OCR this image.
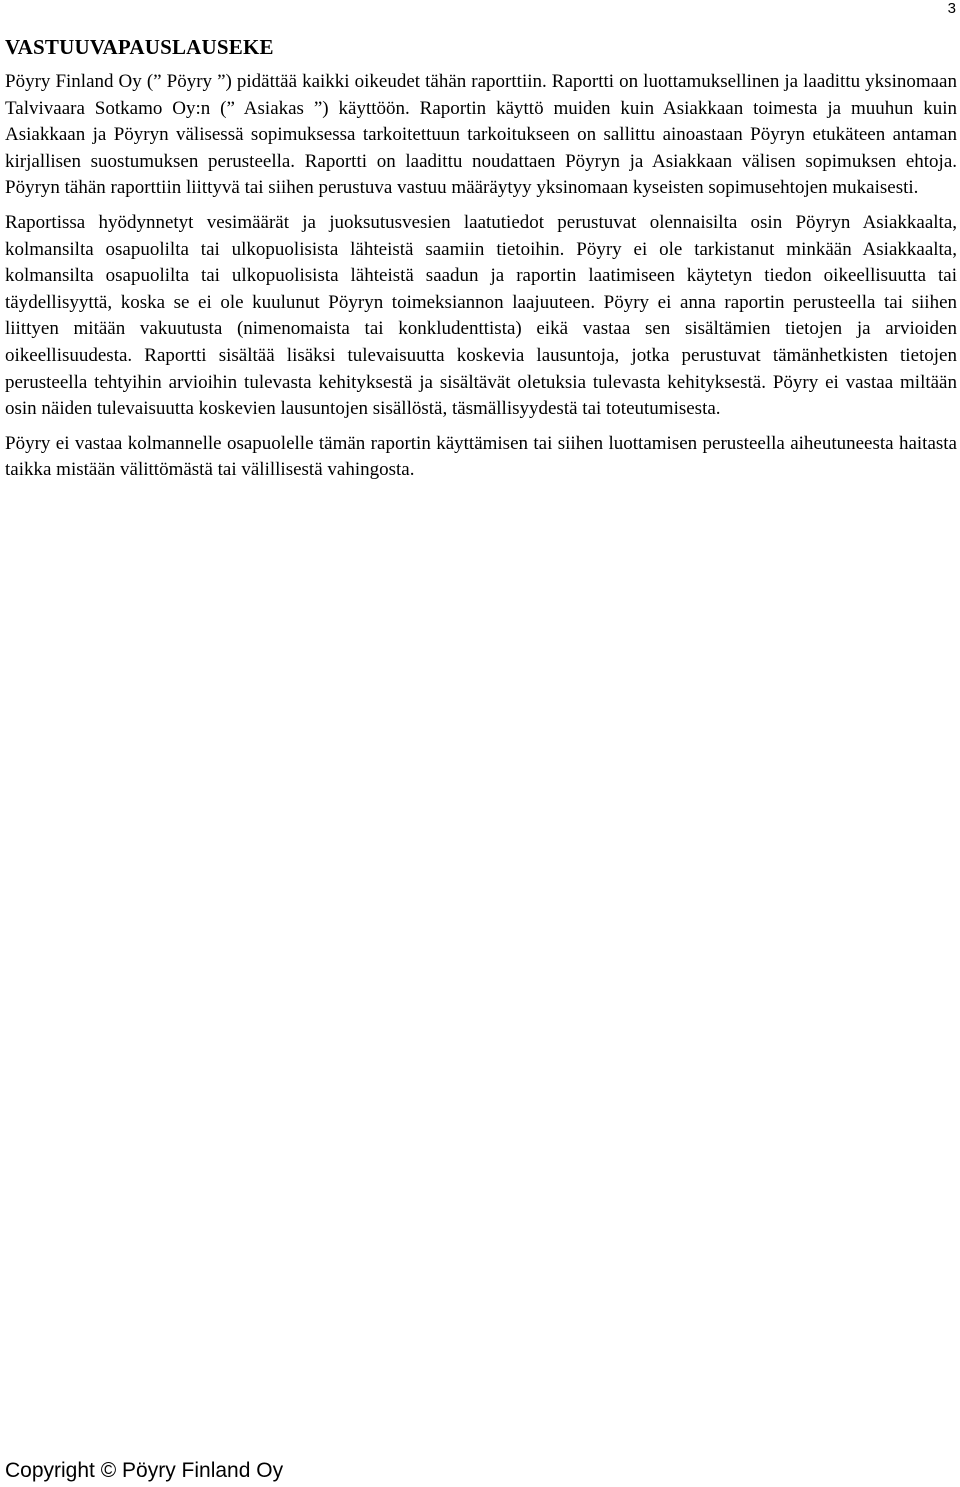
3
VASTUUVAPAUSLAUSEKE

Pöyry Finland Oy (” Pöyry ”) pidättää kaikki oikeudet tähän raporttiin. Raportti on luottamuksellinen ja laadittu yksinomaan Talvivaara Sotkamo Oy:n (” Asiakas ”) käyttöön. Raportin käyttö muiden kuin Asiakkaan toimesta ja muuhun kuin Asiakkaan ja Pöyryn välisessä sopimuksessa tarkoitettuun tarkoitukseen on sallittu ainoastaan Pöyryn etukäteen antaman kirjallisen suostumuksen perusteella. Raportti on laadittu noudattaen Pöyryn ja Asiakkaan välisen sopimuksen ehtoja. Pöyryn tähän raporttiin liittyvä tai siihen perustuva vastuu määräytyy yksinomaan kyseisten sopimusehtojen mukaisesti.

Raportissa hyödynnetyt vesimäärät ja juoksutusvesien laatutiedot perustuvat olennaisilta osin Pöyryn Asiakkaalta, kolmansilta osapuolilta tai ulkopuolisista lähteistä saamiin tietoihin. Pöyry ei ole tarkistanut minkään Asiakkaalta, kolmansilta osapuolilta tai ulkopuolisista lähteistä saadun ja raportin laatimiseen käytetyn tiedon oikeellisuutta tai täydellisyyttä, koska se ei ole kuulunut Pöyryn toimeksiannon laajuuteen. Pöyry ei anna raportin perusteella tai siihen liittyen mitään vakuutusta (nimenomaista tai konkludenttista) eikä vastaa sen sisältämien tietojen ja arvioiden oikeellisuudesta. Raportti sisältää lisäksi tulevaisuutta koskevia lausuntoja, jotka perustuvat tämänhetkisten tietojen perusteella tehtyihin arvioihin tulevasta kehityksestä ja sisältävät oletuksia tulevasta kehityksestä. Pöyry ei vastaa miltään osin näiden tulevaisuutta koskevien lausuntojen sisällöstä, täsmällisyydestä tai toteutumisesta.

Pöyry ei vastaa kolmannelle osapuolelle tämän raportin käyttämisen tai siihen luottamisen perusteella aiheutuneesta haitasta taikka mistään välittömästä tai välillisestä vahingosta.

Copyright © Pöyry Finland Oy
